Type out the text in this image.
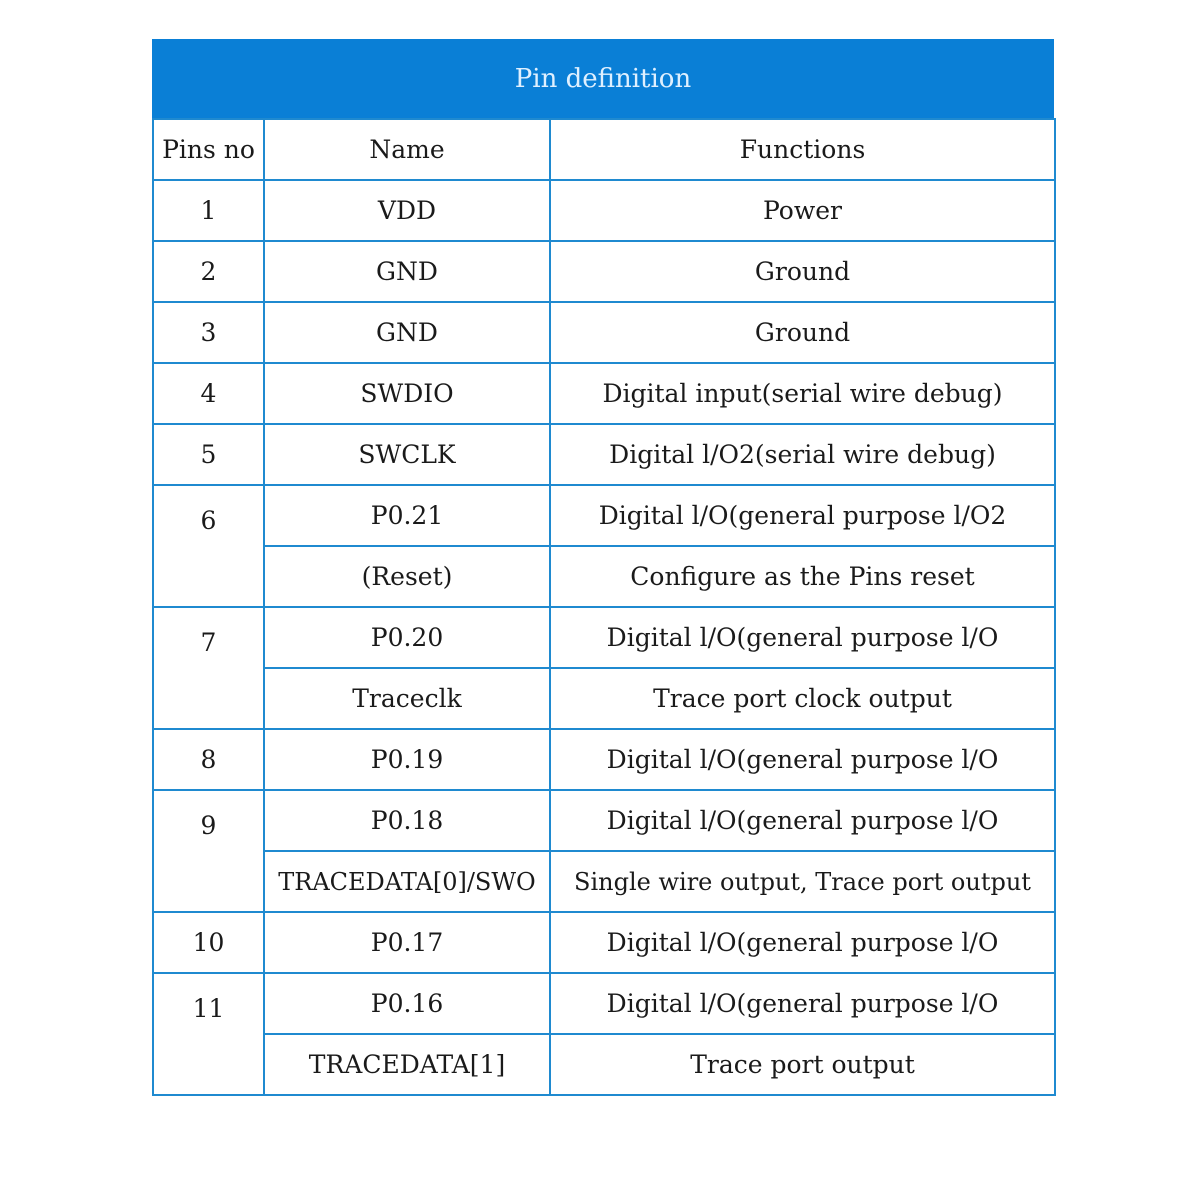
Pin definition
Pins no	Name	Functions
1	VDD	Power
2	GND	Ground
3	GND	Ground
4	SWDIO	Digital input(serial wire debug)
5	SWCLK	Digital l/O2(serial wire debug)
6	P0.21	Digital l/O(general purpose l/O2
	(Reset)	Configure as the Pins reset
7	P0.20	Digital l/O(general purpose l/O
	Traceclk	Trace port clock output
8	P0.19	Digital l/O(general purpose l/O
9	P0.18	Digital l/O(general purpose l/O
	TRACEDATA[0]/SWO	Single wire output, Trace port output
10	P0.17	Digital l/O(general purpose l/O
11	P0.16	Digital l/O(general purpose l/O
	TRACEDATA[1]	Trace port output
